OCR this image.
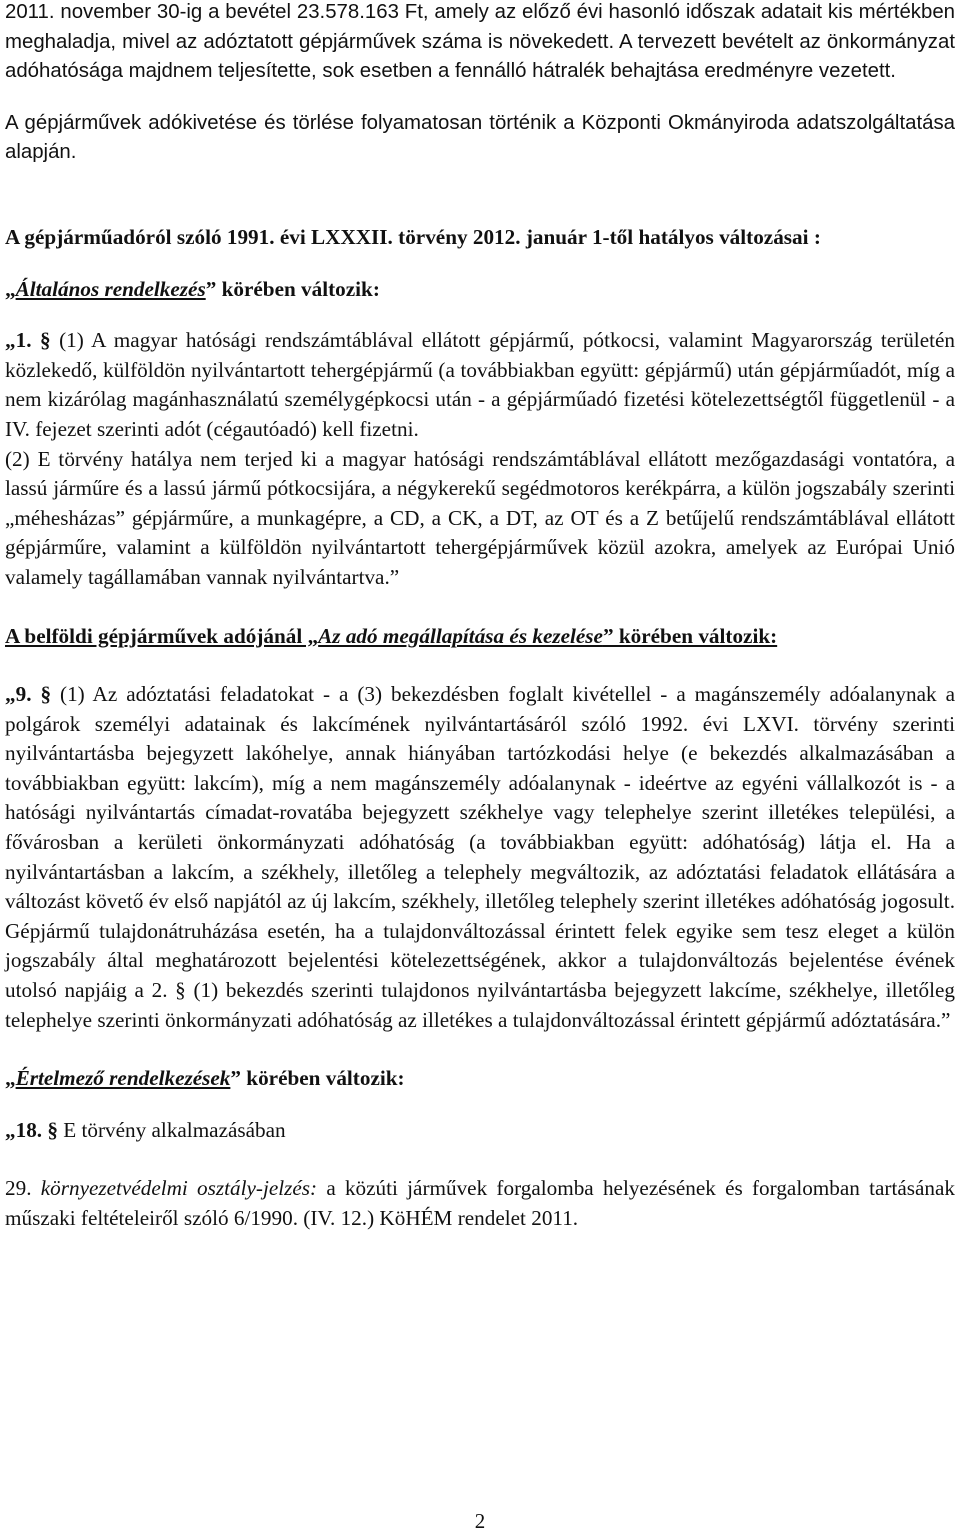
2011. november 30-ig a bevétel 23.578.163 Ft, amely az előző évi hasonló időszak adatait kis mértékben meghaladja, mivel az adóztatott gépjárművek száma is növekedett. A tervezett bevételt az önkormányzat adóhatósága majdnem teljesítette, sok esetben a fennálló hátralék behajtása eredményre vezetett.

A gépjárművek adókivetése és törlése folyamatosan történik a Központi Okmányiroda adatszolgáltatása alapján.

A gépjárműadóról szóló 1991. évi LXXXII. törvény 2012. január 1-től hatályos változásai :

„Általános rendelkezés” körében változik:

„1. § (1) A magyar hatósági rendszámtáblával ellátott gépjármű, pótkocsi, valamint Magyarország területén közlekedő, külföldön nyilvántartott tehergépjármű (a továbbiakban együtt: gépjármű) után gépjárműadót, míg a nem kizárólag magánhasználatú személygépkocsi után - a gépjárműadó fizetési kötelezettségtől függetlenül - a IV. fejezet szerinti adót (cégautóadó) kell fizetni.

(2) E törvény hatálya nem terjed ki a magyar hatósági rendszámtáblával ellátott mezőgazdasági vontatóra, a lassú járműre és a lassú jármű pótkocsijára, a négykerekű segédmotoros kerékpárra, a külön jogszabály szerinti „méhesházas” gépjárműre, a munkagépre, a CD, a CK, a DT, az OT és a Z betűjelű rendszámtáblával ellátott gépjárműre, valamint a külföldön nyilvántartott tehergépjárművek közül azokra, amelyek az Európai Unió valamely tagállamában vannak nyilvántartva.”

A belföldi gépjárművek adójánál „Az adó megállapítása és kezelése” körében változik:

„9. § (1) Az adóztatási feladatokat - a (3) bekezdésben foglalt kivétellel - a magánszemély adóalanynak a polgárok személyi adatainak és lakcímének nyilvántartásáról szóló 1992. évi LXVI. törvény szerinti nyilvántartásba bejegyzett lakóhelye, annak hiányában tartózkodási helye (e bekezdés alkalmazásában a továbbiakban együtt: lakcím), míg a nem magánszemély adóalanynak - ideértve az egyéni vállalkozót is - a hatósági nyilvántartás címadat-rovatába bejegyzett székhelye vagy telephelye szerint illetékes települési, a fővárosban a kerületi önkormányzati adóhatóság (a továbbiakban együtt: adóhatóság) látja el. Ha a nyilvántartásban a lakcím, a székhely, illetőleg a telephely megváltozik, az adóztatási feladatok ellátására a változást követő év első napjától az új lakcím, székhely, illetőleg telephely szerint illetékes adóhatóság jogosult. Gépjármű tulajdonátruházása esetén, ha a tulajdonváltozással érintett felek egyike sem tesz eleget a külön jogszabály által meghatározott bejelentési kötelezettségének, akkor a tulajdonváltozás bejelentése évének utolsó napjáig a 2. § (1) bekezdés szerinti tulajdonos nyilvántartásba bejegyzett lakcíme, székhelye, illetőleg telephelye szerinti önkormányzati adóhatóság az illetékes a tulajdonváltozással érintett gépjármű adóztatására.”

„Értelmező rendelkezések” körében változik:

„18. § E törvény alkalmazásában

29. környezetvédelmi osztály-jelzés: a közúti járművek forgalomba helyezésének és forgalomban tartásának műszaki feltételeiről szóló 6/1990. (IV. 12.) KöHÉM rendelet 2011.

2
